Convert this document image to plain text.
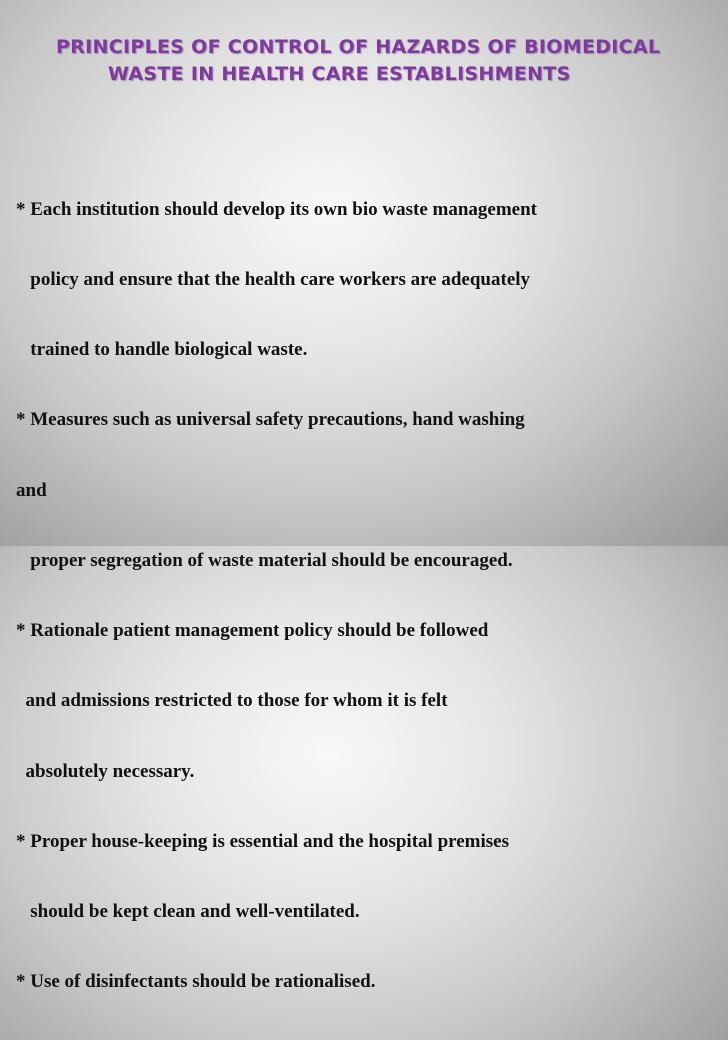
PRINCIPLES OF CONTROL OF HAZARDS OF BIOMEDICAL
WASTE IN HEALTH CARE ESTABLISHMENTS

* Each institution should develop its own bio waste management

policy and ensure that the health care workers are adequately

trained to handle biological waste.

* Measures such as universal safety precautions, hand washing

and

proper segregation of waste material should be encouraged.

* Rationale patient management policy should be followed

and admissions restricted to those for whom it is felt

absolutely necessary.

* Proper house-keeping is essential and the hospital premises

should be kept clean and well-ventilated.

* Use of disinfectants should be rationalised.
